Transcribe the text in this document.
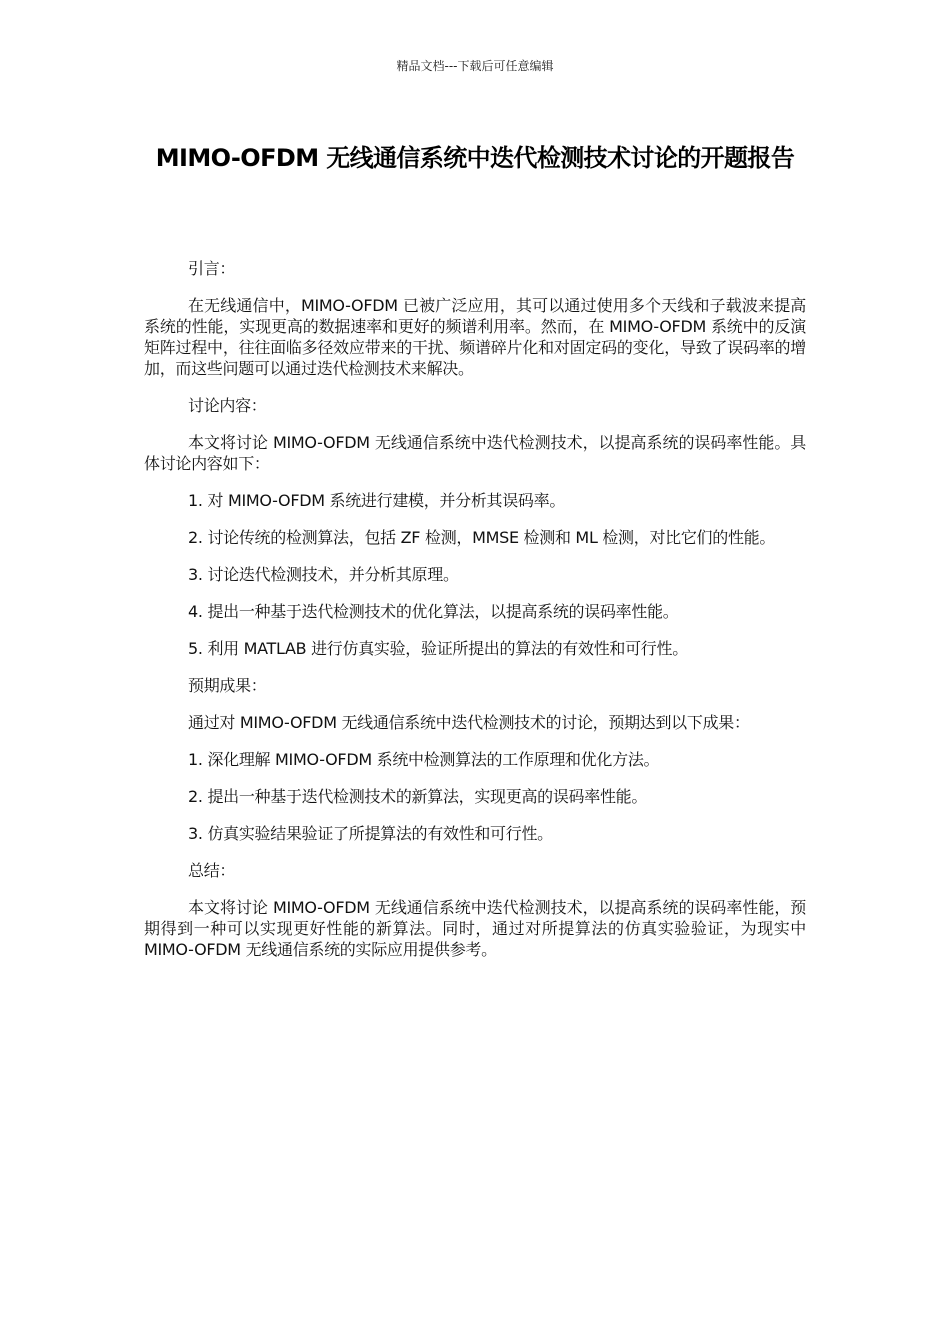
精品文档---下载后可任意编辑
MIMO-OFDM 无线通信系统中迭代检测技术讨论的开题报告

引言：

在无线通信中，MIMO-OFDM 已被广泛应用，其可以通过使用多个天线和子载波来提高系统的性能，实现更高的数据速率和更好的频谱利用率。然而，在 MIMO-OFDM 系统中的反演矩阵过程中，往往面临多径效应带来的干扰、频谱碎片化和对固定码的变化，导致了误码率的增加，而这些问题可以通过迭代检测技术来解决。

讨论内容：

本文将讨论 MIMO-OFDM 无线通信系统中迭代检测技术，以提高系统的误码率性能。具体讨论内容如下：

1. 对 MIMO-OFDM 系统进行建模，并分析其误码率。

2. 讨论传统的检测算法，包括 ZF 检测，MMSE 检测和 ML 检测，对比它们的性能。

3. 讨论迭代检测技术，并分析其原理。

4. 提出一种基于迭代检测技术的优化算法，以提高系统的误码率性能。

5. 利用 MATLAB 进行仿真实验，验证所提出的算法的有效性和可行性。

预期成果：

通过对 MIMO-OFDM 无线通信系统中迭代检测技术的讨论，预期达到以下成果：

1. 深化理解 MIMO-OFDM 系统中检测算法的工作原理和优化方法。

2. 提出一种基于迭代检测技术的新算法，实现更高的误码率性能。

3. 仿真实验结果验证了所提算法的有效性和可行性。

总结：

本文将讨论 MIMO-OFDM 无线通信系统中迭代检测技术，以提高系统的误码率性能，预期得到一种可以实现更好性能的新算法。同时，通过对所提算法的仿真实验验证，为现实中 MIMO-OFDM 无线通信系统的实际应用提供参考。
